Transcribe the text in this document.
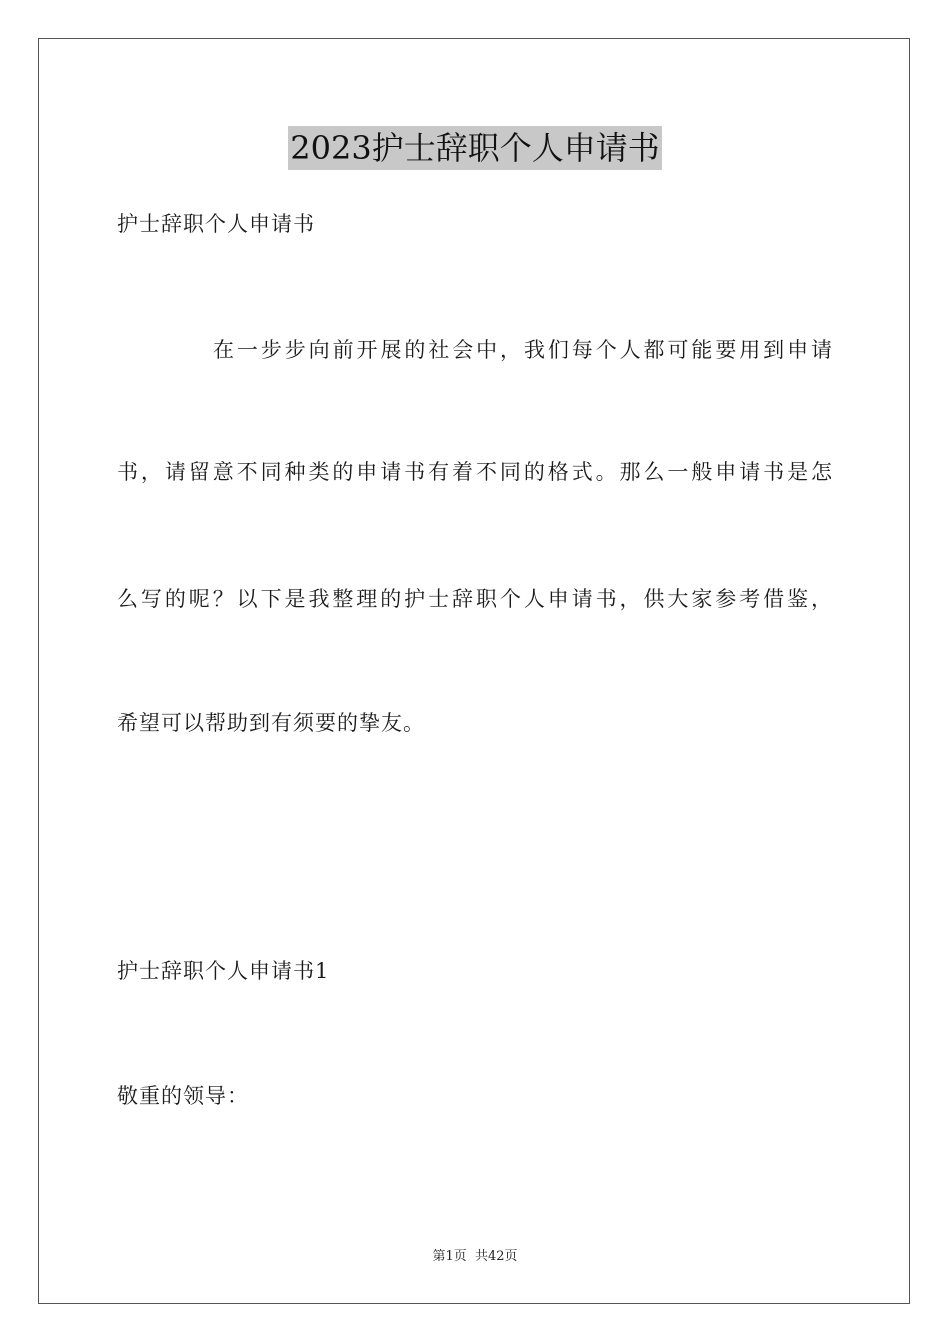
2023护士辞职个人申请书
护士辞职个人申请书
在一步步向前开展的社会中，我们每个人都可能要用到申请
书，请留意不同种类的申请书有着不同的格式。那么一般申请书是怎
么写的呢？以下是我整理的护士辞职个人申请书，供大家参考借鉴，
希望可以帮助到有须要的挚友。
护士辞职个人申请书1
敬重的领导：
第1页 共42页
